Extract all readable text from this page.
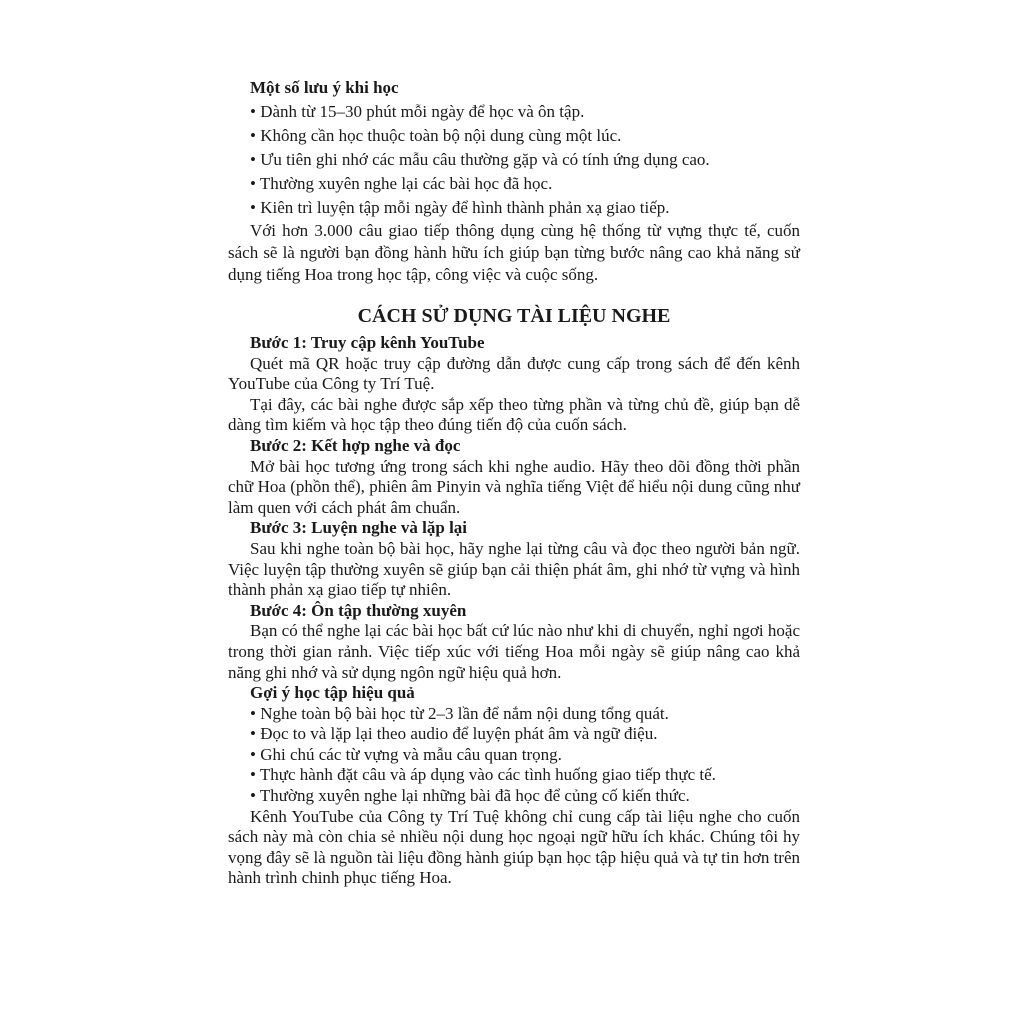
Một số lưu ý khi học

• Dành từ 15–30 phút mỗi ngày để học và ôn tập.

• Không cần học thuộc toàn bộ nội dung cùng một lúc.

• Ưu tiên ghi nhớ các mẫu câu thường gặp và có tính ứng dụng cao.

• Thường xuyên nghe lại các bài học đã học.

• Kiên trì luyện tập mỗi ngày để hình thành phản xạ giao tiếp.

Với hơn 3.000 câu giao tiếp thông dụng cùng hệ thống từ vựng thực tế, cuốn sách sẽ là người bạn đồng hành hữu ích giúp bạn từng bước nâng cao khả năng sử dụng tiếng Hoa trong học tập, công việc và cuộc sống.

CÁCH SỬ DỤNG TÀI LIỆU NGHE

Bước 1: Truy cập kênh YouTube

Quét mã QR hoặc truy cập đường dẫn được cung cấp trong sách để đến kênh YouTube của Công ty Trí Tuệ.

Tại đây, các bài nghe được sắp xếp theo từng phần và từng chủ đề, giúp bạn dễ dàng tìm kiếm và học tập theo đúng tiến độ của cuốn sách.

Bước 2: Kết hợp nghe và đọc

Mở bài học tương ứng trong sách khi nghe audio. Hãy theo dõi đồng thời phần chữ Hoa (phồn thể), phiên âm Pinyin và nghĩa tiếng Việt để hiểu nội dung cũng như làm quen với cách phát âm chuẩn.

Bước 3: Luyện nghe và lặp lại

Sau khi nghe toàn bộ bài học, hãy nghe lại từng câu và đọc theo người bản ngữ. Việc luyện tập thường xuyên sẽ giúp bạn cải thiện phát âm, ghi nhớ từ vựng và hình thành phản xạ giao tiếp tự nhiên.

Bước 4: Ôn tập thường xuyên

Bạn có thể nghe lại các bài học bất cứ lúc nào như khi di chuyển, nghỉ ngơi hoặc trong thời gian rảnh. Việc tiếp xúc với tiếng Hoa mỗi ngày sẽ giúp nâng cao khả năng ghi nhớ và sử dụng ngôn ngữ hiệu quả hơn.

Gợi ý học tập hiệu quả

• Nghe toàn bộ bài học từ 2–3 lần để nắm nội dung tổng quát.

• Đọc to và lặp lại theo audio để luyện phát âm và ngữ điệu.

• Ghi chú các từ vựng và mẫu câu quan trọng.

• Thực hành đặt câu và áp dụng vào các tình huống giao tiếp thực tế.

• Thường xuyên nghe lại những bài đã học để củng cố kiến thức.

Kênh YouTube của Công ty Trí Tuệ không chỉ cung cấp tài liệu nghe cho cuốn sách này mà còn chia sẻ nhiều nội dung học ngoại ngữ hữu ích khác. Chúng tôi hy vọng đây sẽ là nguồn tài liệu đồng hành giúp bạn học tập hiệu quả và tự tin hơn trên hành trình chinh phục tiếng Hoa.
